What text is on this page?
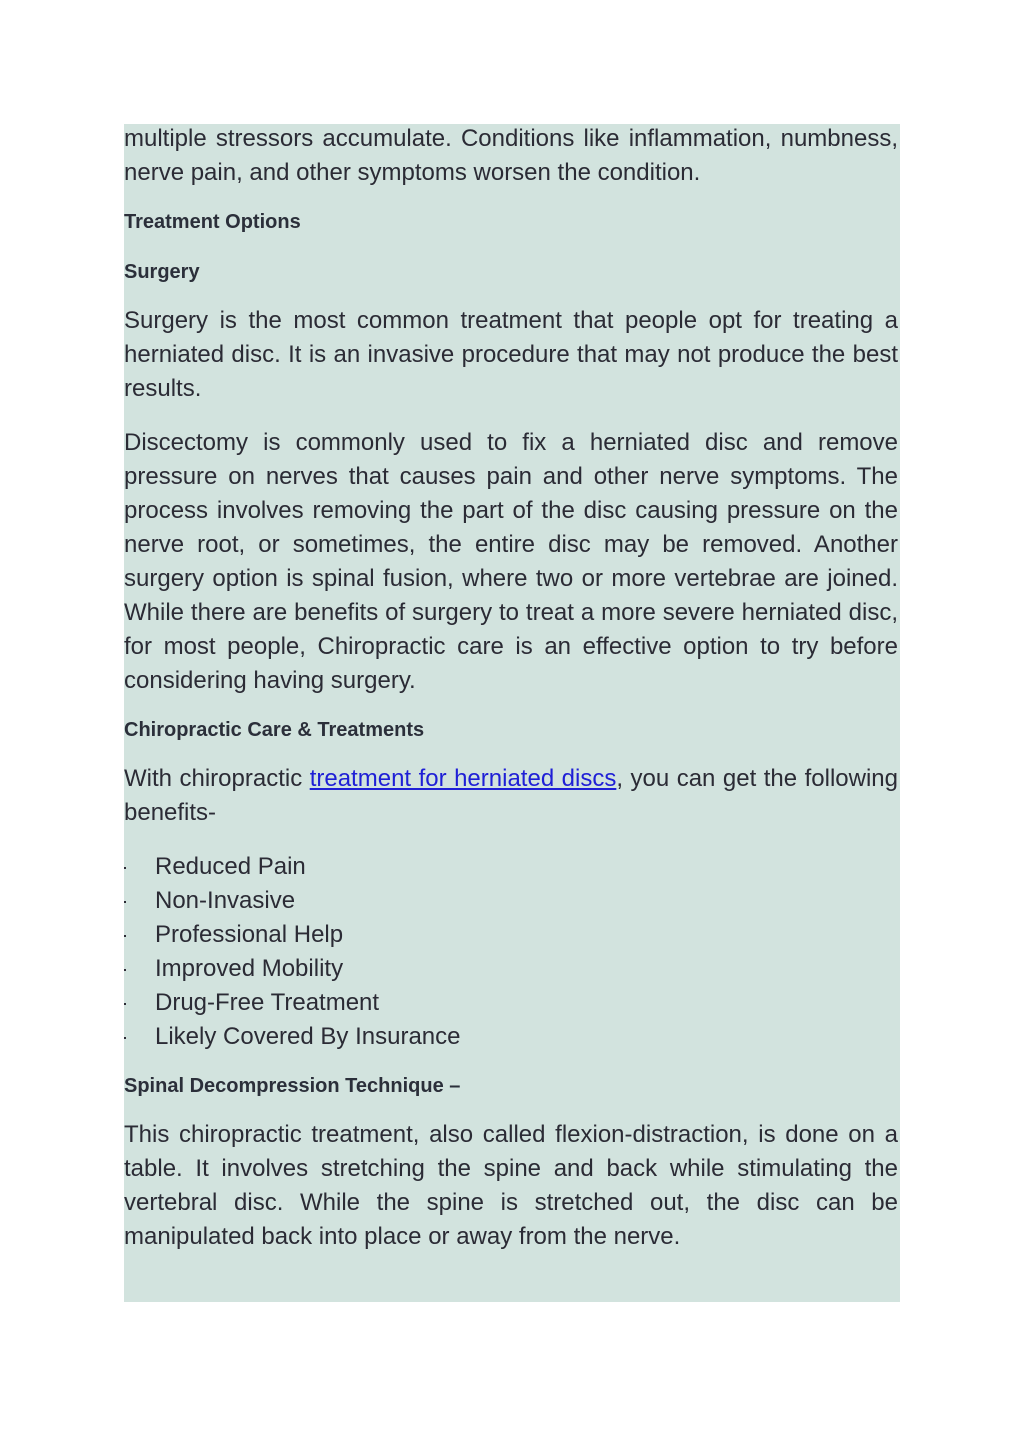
multiple stressors accumulate. Conditions like inflammation, numbness, nerve pain, and other symptoms worsen the condition.

Treatment Options

Surgery

Surgery is the most common treatment that people opt for treating a herniated disc. It is an invasive procedure that may not produce the best results.

Discectomy is commonly used to fix a herniated disc and remove pressure on nerves that causes pain and other nerve symptoms. The process involves removing the part of the disc causing pressure on the nerve root, or sometimes, the entire disc may be removed. Another surgery option is spinal fusion, where two or more vertebrae are joined. While there are benefits of surgery to treat a more severe herniated disc, for most people, Chiropractic care is an effective option to try before considering having surgery.

Chiropractic Care & Treatments

With chiropractic treatment for herniated discs, you can get the following benefits-

Reduced Pain
Non-Invasive
Professional Help
Improved Mobility
Drug-Free Treatment
Likely Covered By Insurance

Spinal Decompression Technique –

This chiropractic treatment, also called flexion-distraction, is done on a table. It involves stretching the spine and back while stimulating the vertebral disc. While the spine is stretched out, the disc can be manipulated back into place or away from the nerve.
